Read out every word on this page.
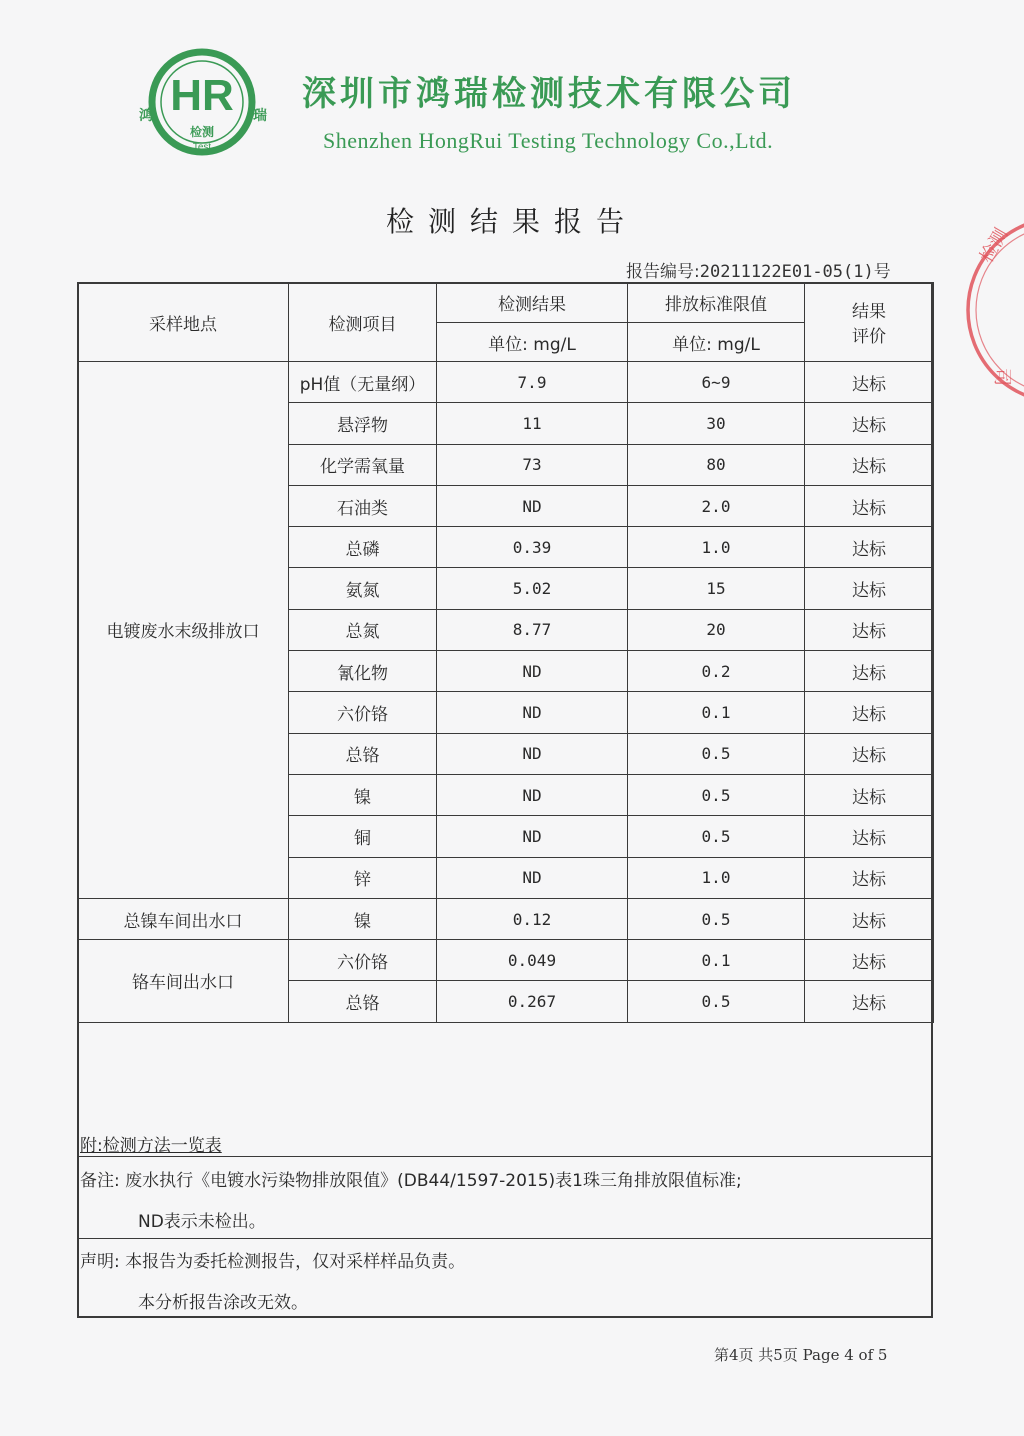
HR
鸿	瑞
检测
Test
深圳市鸿瑞检测技术有限公司
Shenzhen HongRui Testing Technology Co.,Ltd.
检测结果报告
报告编号:20211122E01-05(1)号
检测
司
采样地点	检测项目	检测结果	排放标准限值	结果
评价

		单位: mg/L	单位: mg/L	
电镀废水末级排放口	pH值（无量纲）	7.9	6~9	达标
	悬浮物	11	30	达标
	化学需氧量	73	80	达标
	石油类	ND	2.0	达标
	总磷	0.39	1.0	达标
	氨氮	5.02	15	达标
	总氮	8.77	20	达标
	氰化物	ND	0.2	达标
	六价铬	ND	0.1	达标
	总铬	ND	0.5	达标
	镍	ND	0.5	达标
	铜	ND	0.5	达标
	锌	ND	1.0	达标
总镍车间出水口	镍	0.12	0.5	达标
铬车间出水口	六价铬	0.049	0.1	达标
	总铬	0.267	0.5	达标
附:检测方法一览表
备注: 废水执行《电镀水污染物排放限值》(DB44/1597-2015)表1珠三角排放限值标准;
ND表示未检出。
声明: 本报告为委托检测报告，仅对采样样品负责。
本分析报告涂改无效。
第4页 共5页 Page 4 of 5
